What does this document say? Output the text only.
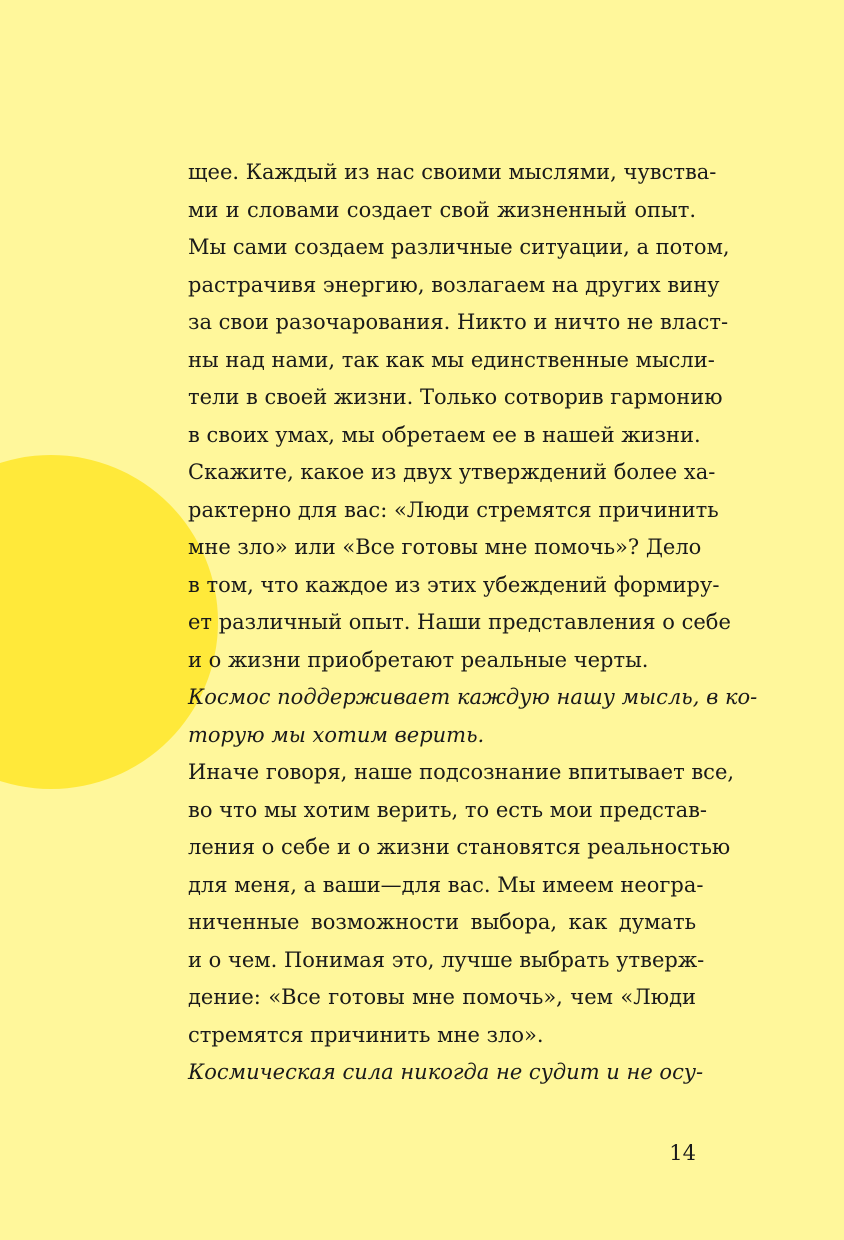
щее. Каждый из нас своими мыслями, чувства-
ми и словами создает свой жизненный опыт.
Мы сами создаем различные ситуации, а потом,
растрачивя энергию, возлагаем на других вину
за свои разочарования. Никто и ничто не власт-
ны над нами, так как мы единственные мысли-
тели в своей жизни. Только сотворив гармонию
в своих умах, мы обретаем ее в нашей жизни.
Скажите, какое из двух утверждений более ха-
рактерно для вас: «Люди стремятся причинить
мне зло» или «Все готовы мне помочь»? Дело
в том, что каждое из этих убеждений формиру-
ет различный опыт. Наши представления о себе
и о жизни приобретают реальные черты.
Космос поддерживает каждую нашу мысль, в ко-
торую мы хотим верить.
Иначе говоря, наше подсознание впитывает все,
во что мы хотим верить, то есть мои представ-
ления о себе и о жизни становятся реальностью
для меня, а ваши—для вас. Мы имеем неогра-
ниченные возможности выбора, как думать
и о чем. Понимая это, лучше выбрать утверж-
дение: «Все готовы мне помочь», чем «Люди
стремятся причинить мне зло».
Космическая сила никогда не судит и не осу-
14
